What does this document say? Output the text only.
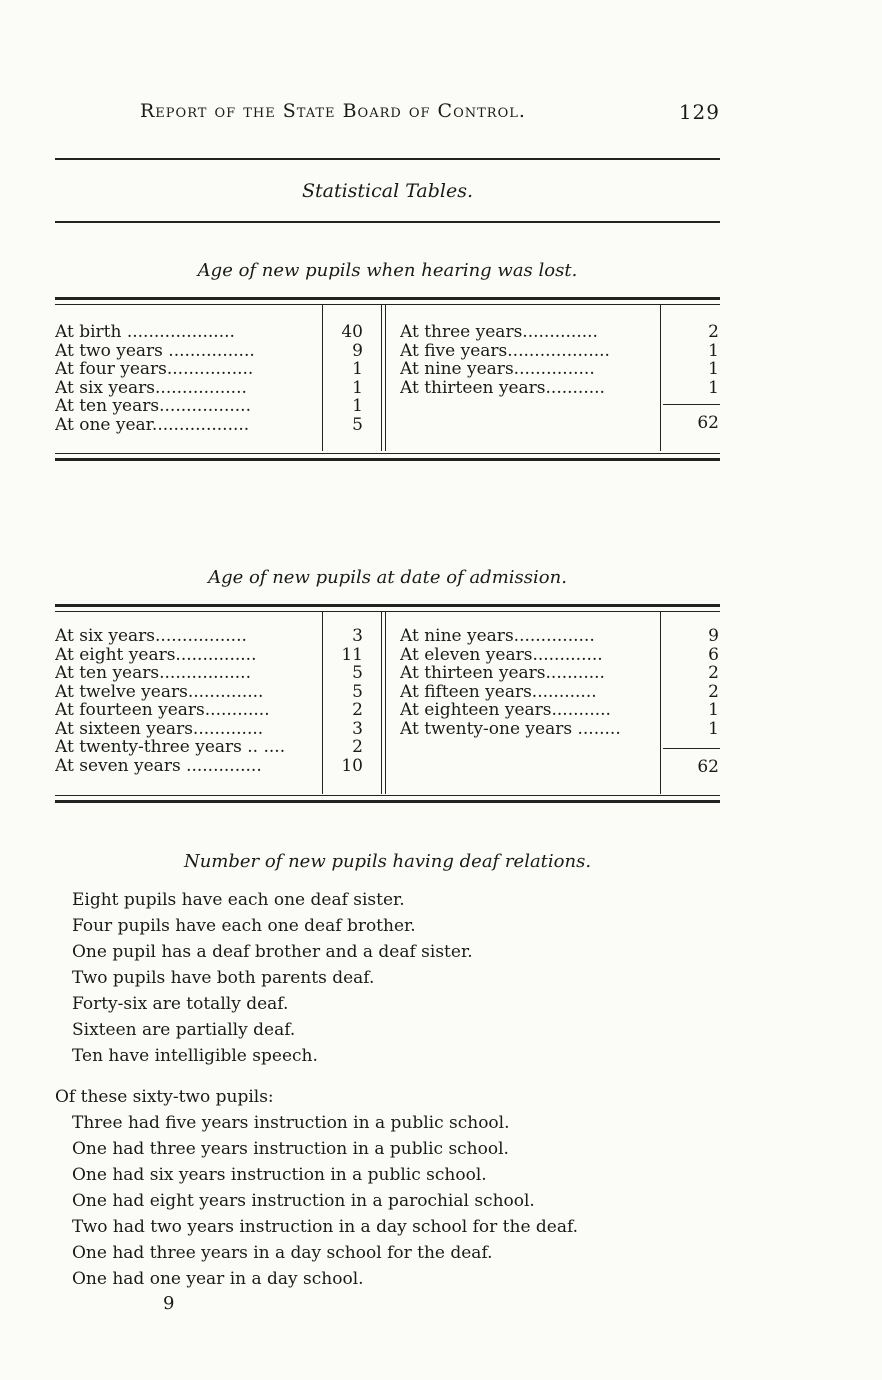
Report of the State Board of Control.	129
Statistical Tables.
Age of new pupils when hearing was lost.
At birth ....................
At two years ................
At four years................
At six years.................
At ten years.................
At one year..................
40
9
1
1
1
5
At three years..............
At five years...................
At nine years...............
At thirteen years...........
2
1
1
1
62
Age of new pupils at date of admission.
At six years.................
At eight years...............
At ten years.................
At twelve years..............
At fourteen years............
At sixteen years.............
At twenty-three years .. ....
At seven years ..............
3
11
5
5
2
3
2
10
At nine years...............
At eleven years.............
At thirteen years...........
At fifteen years............
At eighteen years...........
At twenty-one years ........
9
6
2
2
1
1
62
Number of new pupils having deaf relations.
Eight pupils have each one deaf sister.
Four pupils have each one deaf brother.
One pupil has a deaf brother and a deaf sister.
Two pupils have both parents deaf.
Forty-six are totally deaf.
Sixteen are partially deaf.
Ten have intelligible speech.
Of these sixty-two pupils:
Three had five years instruction in a public school.
One had three years instruction in a public school.
One had six years instruction in a public school.
One had eight years instruction in a parochial school.
Two had two years instruction in a day school for the deaf.
One had three years in a day school for the deaf.
One had one year in a day school.
9
